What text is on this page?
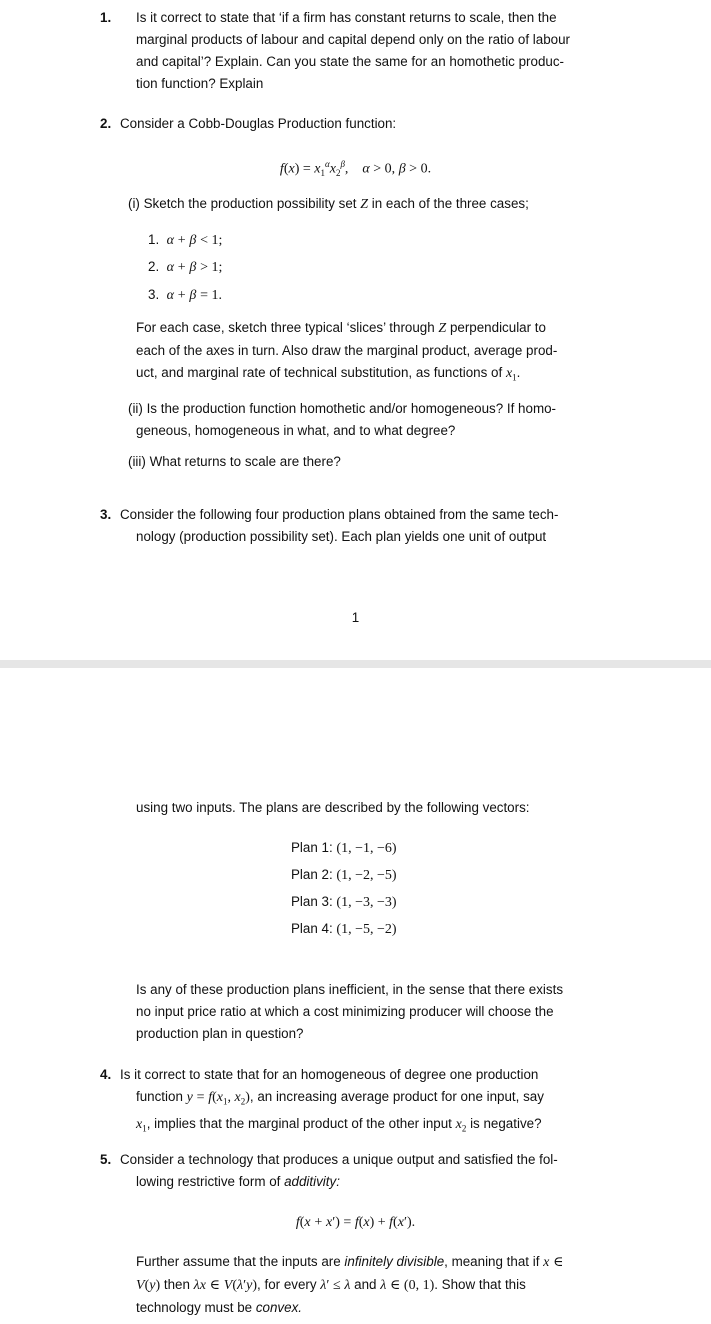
1. Is it correct to state that ‘if a firm has constant returns to scale, then the
marginal products of labour and capital depend only on the ratio of labour
and capital’? Explain. Can you state the same for an homothetic produc-
tion function? Explain
2. Consider a Cobb-Douglas Production function:
$f(x) = x_1^\alpha x_2^\beta$,    α > 0, β > 0.
(i) Sketch the production possibility set Z in each of the three cases;
1.  α + β < 1;
2.  α + β > 1;
3.  α + β = 1.
For each case, sketch three typical ‘slices’ through Z perpendicular to
each of the axes in turn. Also draw the marginal product, average prod-
uct, and marginal rate of technical substitution, as functions of $x_1$.
(ii) Is the production function homothetic and/or homogeneous? If homo-
geneous, homogeneous in what, and to what degree?
(iii) What returns to scale are there?
3. Consider the following four production plans obtained from the same tech-
nology (production possibility set). Each plan yields one unit of output
1
using two inputs. The plans are described by the following vectors:
Plan 1: (1, −1, −6)
Plan 2: (1, −2, −5)
Plan 3: (1, −3, −3)
Plan 4: (1, −5, −2)
Is any of these production plans inefficient, in the sense that there exists
no input price ratio at which a cost minimizing producer will choose the
production plan in question?
4. Is it correct to state that for an homogeneous of degree one production
function $y = f(x_1$, $x_2$), an increasing average product for one input, say
$x_1$, implies that the marginal product of the other input $x_2$ is negative?
5. Consider a technology that produces a unique output and satisfied the fol-
lowing restrictive form of additivity:
f(x + x′) = f(x) + f(x′).
Further assume that the inputs are infinitely divisible, meaning that if x ∈
V(y) then λx ∈ V(λ′y), for every λ′ ≤ λ and λ ∈ (0, 1). Show that this
technology must be convex.
